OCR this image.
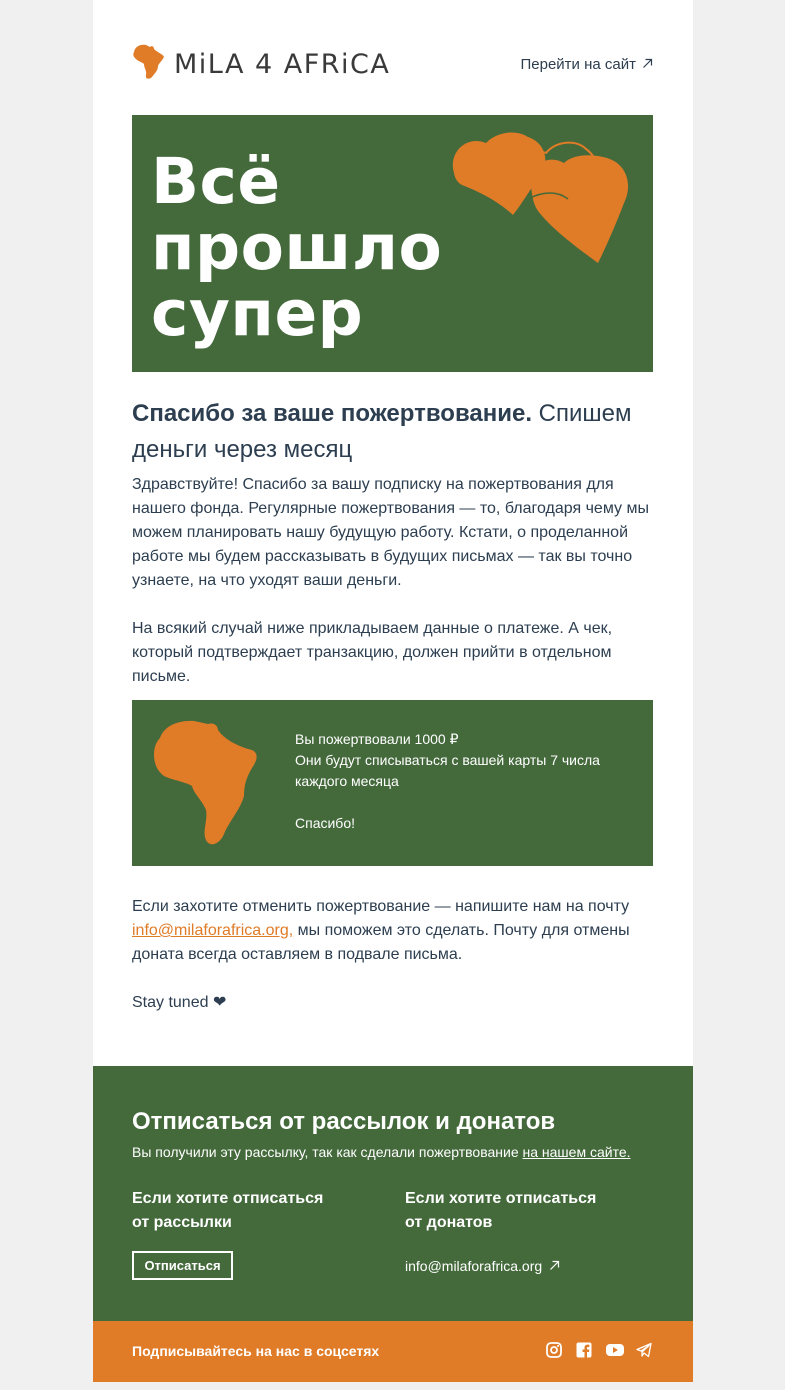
MiLA 4 AFRiCA	Перейти на сайт
Всё
прошло
супер
Спасибо за ваше пожертвование. Спишем деньги через месяц

Здравствуйте! Спасибо за вашу подписку на пожертвования для нашего фонда. Регулярные пожертвования — то, благодаря чему мы можем планировать нашу будущую работу. Кстати, о проделанной работе мы будем рассказывать в будущих письмах — так вы точно узнаете, на что уходят ваши деньги.

На всякий случай ниже прикладываем данные о платеже. А чек, который подтверждает транзакцию, должен прийти в отдельном письме.

Вы пожертвовали 1000 ₽
Они будут списываться с вашей карты 7 числа каждого месяца
Спасибо!

Если захотите отменить пожертвование — напишите нам на почту info@milaforafrica.org, мы поможем это сделать. Почту для отмены доната всегда оставляем в подвале письма.

Stay tuned ❤

Отписаться от рассылок и донатов
Вы получили эту рассылку, так как сделали пожертвование на нашем сайте.
Если хотите отписаться от рассылки
Если хотите отписаться от донатов
Отписаться	info@milaforafrica.org
Подписывайтесь на нас в соцсетях
